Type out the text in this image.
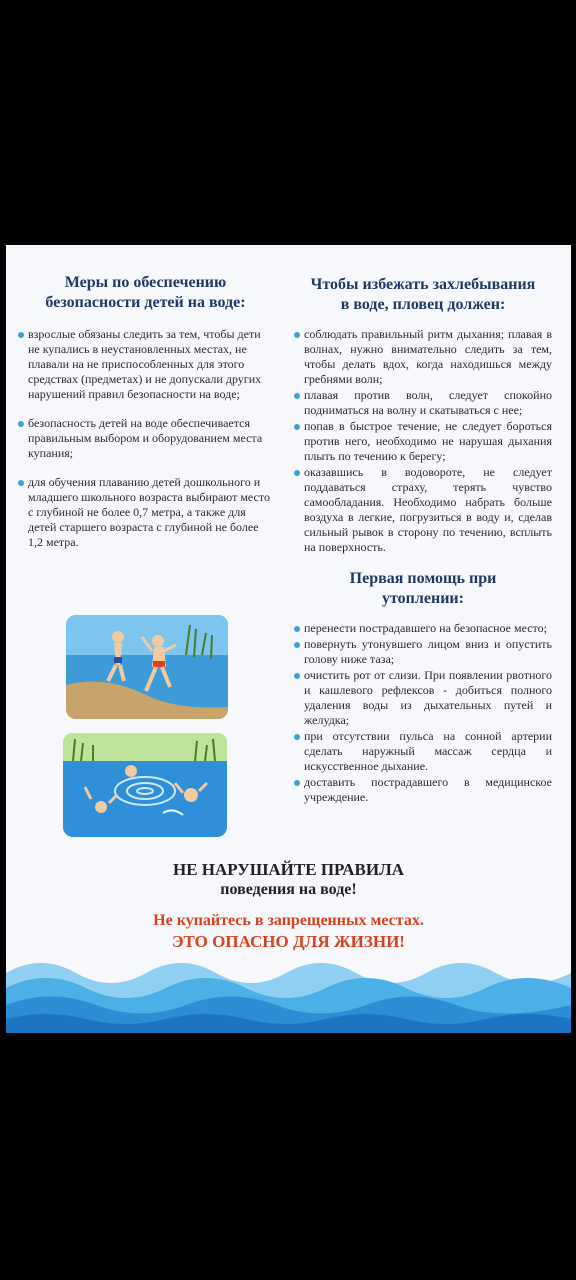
Меры по обеспечению
безопасности детей на воде:
взрослые обязаны следить за тем, чтобы дети не купались в неустановленных местах, не плавали на не приспособленных для этого средствах (предметах) и не допускали других нарушений правил безопасности на воде;
безопасность детей на воде обеспечивается правильным выбором и оборудованием места купания;
для обучения плаванию детей дошкольного и младшего школьного возраста выбирают место с глубиной не более 0,7 метра, а также для детей старшего возраста с глубиной не более 1,2 метра.
Чтобы избежать захлебывания
в воде, пловец должен:
соблюдать правильный ритм дыхания; плавая в волнах, нужно внимательно следить за тем, чтобы делать вдох, когда находишься между гребнями волн;
плавая против волн, следует спокойно подниматься на волну и скатываться с нее;
попав в быстрое течение, не следует бороться против него, необходимо не нарушая дыхания плыть по течению к берегу;
оказавшись в водовороте, не следует поддаваться страху, терять чувство самообладания. Необходимо набрать больше воздуха в легкие, погрузиться в воду и, сделав сильный рывок в сторону по течению, всплыть на поверхность.
Первая помощь при
утоплении:
перенести пострадавшего на безопасное место;
повернуть утонувшего лицом вниз и опустить голову ниже таза;
очистить рот от слизи. При появлении рвотного и кашлевого рефлексов - добиться полного удаления воды из дыхательных путей и желудка;
при отсутствии пульса на сонной артерии сделать наружный массаж сердца и искусственное дыхание.
доставить пострадавшего в медицинское учреждение.
НЕ НАРУШАЙТЕ ПРАВИЛА
поведения на воде!
Не купайтесь в запрещенных местах.
ЭТО ОПАСНО ДЛЯ ЖИЗНИ!
